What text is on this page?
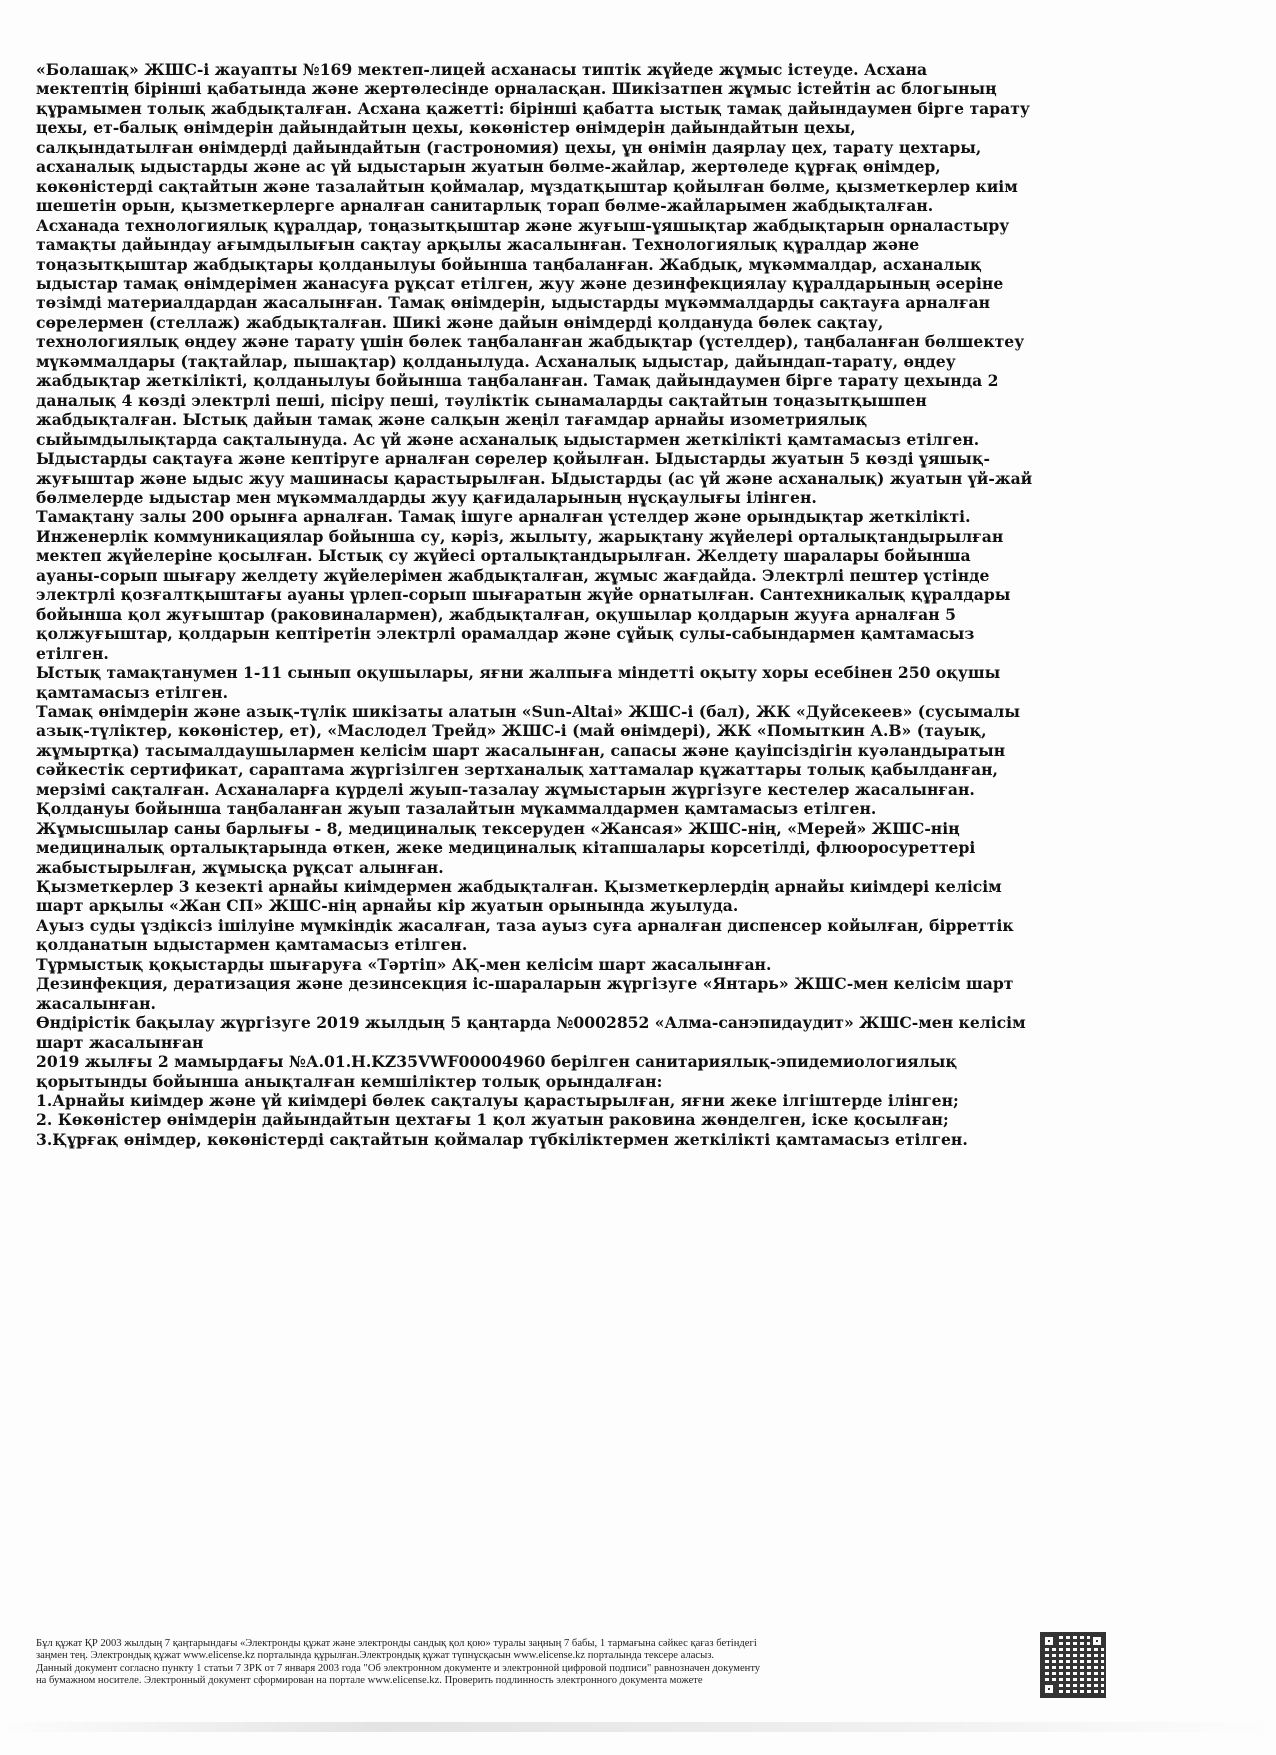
«Болашақ» ЖШС-і жауапты №169 мектеп-лицей асханасы типтік жүйеде жұмыс істеуде. Асхана

мектептің бірінші қабатында және жертөлесінде орналасқан. Шикізатпен жұмыс істейтін ас блогының

құрамымен толық жабдықталған. Асхана қажетті: бірінші қабатта ыстық тамақ дайындаумен бірге тарату

цехы, ет-балық өнімдерін дайындайтын цехы, көкөністер өнімдерін дайындайтын цехы,

салқындатылған өнімдерді дайындайтын (гастрономия) цехы, ұн өнімін даярлау цех, тарату цехтары,

асханалық ыдыстарды және ас үй ыдыстарын жуатын бөлме-жайлар, жертөледе құрғақ өнімдер,

көкөністерді сақтайтын және тазалайтын қоймалар, мұздатқыштар қойылған бөлме, қызметкерлер киім

шешетін орын, қызметкерлерге арналған санитарлық торап бөлме-жайларымен жабдықталған.

Асханада технологиялық құралдар, тоңазытқыштар және жуғыш-ұяшықтар жабдықтарын орналастыру

тамақты дайындау ағымдылығын сақтау арқылы жасалынған. Технологиялық құралдар және

тоңазытқыштар жабдықтары қолданылуы бойынша таңбаланған. Жабдық, мүкәммалдар, асханалық

ыдыстар тамақ өнімдерімен жанасуға рұқсат етілген, жуу және дезинфекциялау құралдарының әсеріне

төзімді материалдардан жасалынған. Тамақ өнімдерін, ыдыстарды мүкәммалдарды сақтауға арналған

сөрелермен (стеллаж) жабдықталған. Шикі және дайын өнімдерді қолдануда бөлек сақтау,

технологиялық өңдеу және тарату үшін бөлек таңбаланған жабдықтар (үстелдер), таңбаланған бөлшектеу

мүкәммалдары (тақтайлар, пышақтар) қолданылуда. Асханалық ыдыстар, дайындап-тарату, өңдеу

жабдықтар жеткілікті, қолданылуы бойынша таңбаланған. Тамақ дайындаумен бірге тарату цехында 2

даналық 4 көзді электрлі пеші, пісіру пеші, тәуліктік сынамаларды сақтайтын тоңазытқышпен

жабдықталған. Ыстық дайын тамақ және салқын жеңіл тағамдар арнайы изометриялық

сыйымдылықтарда сақталынуда. Ас үй және асханалық ыдыстармен жеткілікті қамтамасыз етілген.

Ыдыстарды сақтауға және кептіруге арналған сөрелер қойылған. Ыдыстарды жуатын 5 көзді ұяшық-

жуғыштар және ыдыс жуу машинасы қарастырылған. Ыдыстарды (ас үй және асханалық) жуатын үй-жай

бөлмелерде ыдыстар мен мүкәммалдарды жуу қағидаларының нұсқаулығы ілінген.

Тамақтану залы 200 орынға арналған. Тамақ ішуге арналған үстелдер және орындықтар жеткілікті.

Инженерлік коммуникациялар бойынша су, кәріз, жылыту, жарықтану жүйелері орталықтандырылған

мектеп жүйелеріне қосылған. Ыстық су жүйесі орталықтандырылған. Желдету шаралары бойынша

ауаны-сорып шығару желдету жүйелерімен жабдықталған, жұмыс жағдайда. Электрлі пештер үстінде

электрлі қозғалтқыштағы ауаны үрлеп-сорып шығаратын жүйе орнатылған. Сантехникалық құралдары

бойынша қол жуғыштар (раковиналармен), жабдықталған, оқушылар қолдарын жууға арналған 5

қолжуғыштар, қолдарын кептіретін электрлі орамалдар және сұйық сулы-сабындармен қамтамасыз

етілген.

Ыстық тамақтанумен 1-11 сынып оқушылары, яғни жалпыға міндетті оқыту хоры есебінен 250 оқушы

қамтамасыз етілген.

Тамақ өнімдерін және азық-түлік шикізаты алатын «Sun-Altai» ЖШС-і (бал), ЖК «Дуйсекеев» (сусымалы

азық-түліктер, көкөністер, ет), «Маслодел Трейд» ЖШС-і (май өнімдері), ЖК «Помыткин А.В» (тауық,

жұмыртқа) тасымалдаушылармен келісім шарт жасалынған, сапасы және қауіпсіздігін куәландыратын

сәйкестік сертификат, сараптама жүргізілген зертханалық хаттамалар құжаттары толық қабылданған,

мерзімі сақталған. Асханаларға күрделі жуып-тазалау жұмыстарын жүргізуге кестелер жасалынған.

Қолдануы бойынша таңбаланған жуып тазалайтын мүкаммалдармен қамтамасыз етілген.

Жұмысшылар саны барлығы - 8, медициналық тексеруден «Жансая» ЖШС-нің, «Мерей» ЖШС-нің

медициналық орталықтарында өткен, жеке медициналық кітапшалары корсетілді, флюоросуреттері

жабыстырылған, жұмысқа рұқсат алынған.

Қызметкерлер 3 кезекті арнайы киімдермен жабдықталған. Қызметкерлердің арнайы киімдері келісім

шарт арқылы «Жан СП» ЖШС-нің арнайы кір жуатын орынында жуылуда.

Ауыз суды үздіксіз ішілуіне мүмкіндік жасалған, таза ауыз суға арналған диспенсер койылған, бірреттік

қолданатын ыдыстармен қамтамасыз етілген.

Тұрмыстық қоқыстарды шығаруға «Тәртіп» АҚ-мен келісім шарт жасалынған.

Дезинфекция, дератизация және дезинсекция іс-шараларын жүргізуге «Янтарь» ЖШС-мен келісім шарт

жасалынған.

Өндірістік бақылау жүргізуге 2019 жылдың 5 қаңтарда №0002852 «Алма-санэпидаудит» ЖШС-мен келісім

шарт жасалынған

2019 жылғы 2 мамырдағы №А.01.Н.KZ35VWF00004960 берілген санитариялық-эпидемиологиялық

қорытынды бойынша анықталған кемшіліктер толық орындалған:

1.Арнайы киімдер және үй киімдері бөлек сақталуы қарастырылған, яғни жеке ілгіштерде ілінген;

2. Көкөністер өнімдерін дайындайтын цехтағы 1 қол жуатын раковина жөнделген, іске қосылған;

3.Құрғақ өнімдер, көкөністерді сақтайтын қоймалар түбкіліктермен жеткілікті қамтамасыз етілген.

Бұл құжат ҚР 2003 жылдың 7 қаңтарындағы «Электронды құжат және электронды сандық қол қою» туралы заңның 7 бабы, 1 тармағына сәйкес қағаз бетіндегі

заңмен тең. Электрондық құжат www.elicense.kz порталында құрылған.Электрондық құжат түпнұсқасын www.elicense.kz порталында тексере аласыз.

Данный документ согласно пункту 1 статьи 7 ЗРК от 7 января 2003 года "Об электронном документе и электронной цифровой подписи" равнозначен документу

на бумажном носителе. Электронный документ сформирован на портале www.elicense.kz. Проверить подлинность электронного документа можете
